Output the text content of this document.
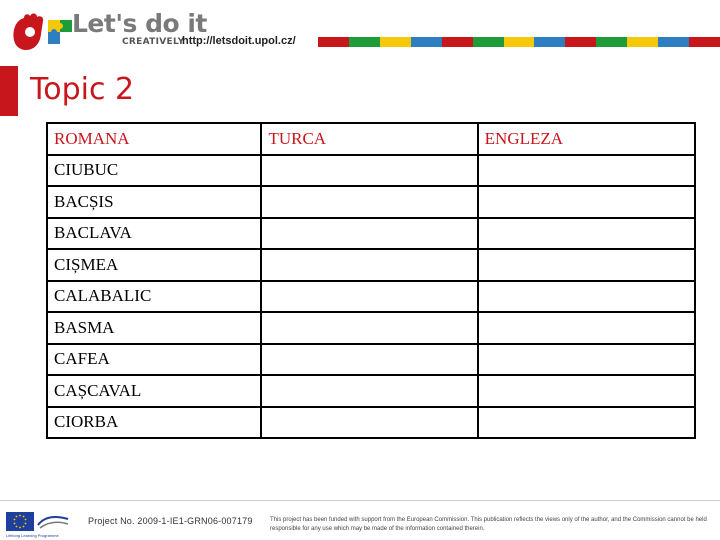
Let's do it
CREATIVELY
http://letsdoit.upol.cz/
Topic 2
ROMANA	TURCA	ENGLEZA
CIUBUC		
BACȘIS		
BACLAVA		
CIȘMEA		
CALABALIC		
BASMA		
CAFEA		
CAȘCAVAL		
CIORBA		
Lifelong Learning Programme
Project No. 2009-1-IE1-GRN06-007179	This project has been funded with support from the European Commission. This publication reflects the views only of the author, and the Commission cannot be held responsible for any use which may be made of the information contained therein.
